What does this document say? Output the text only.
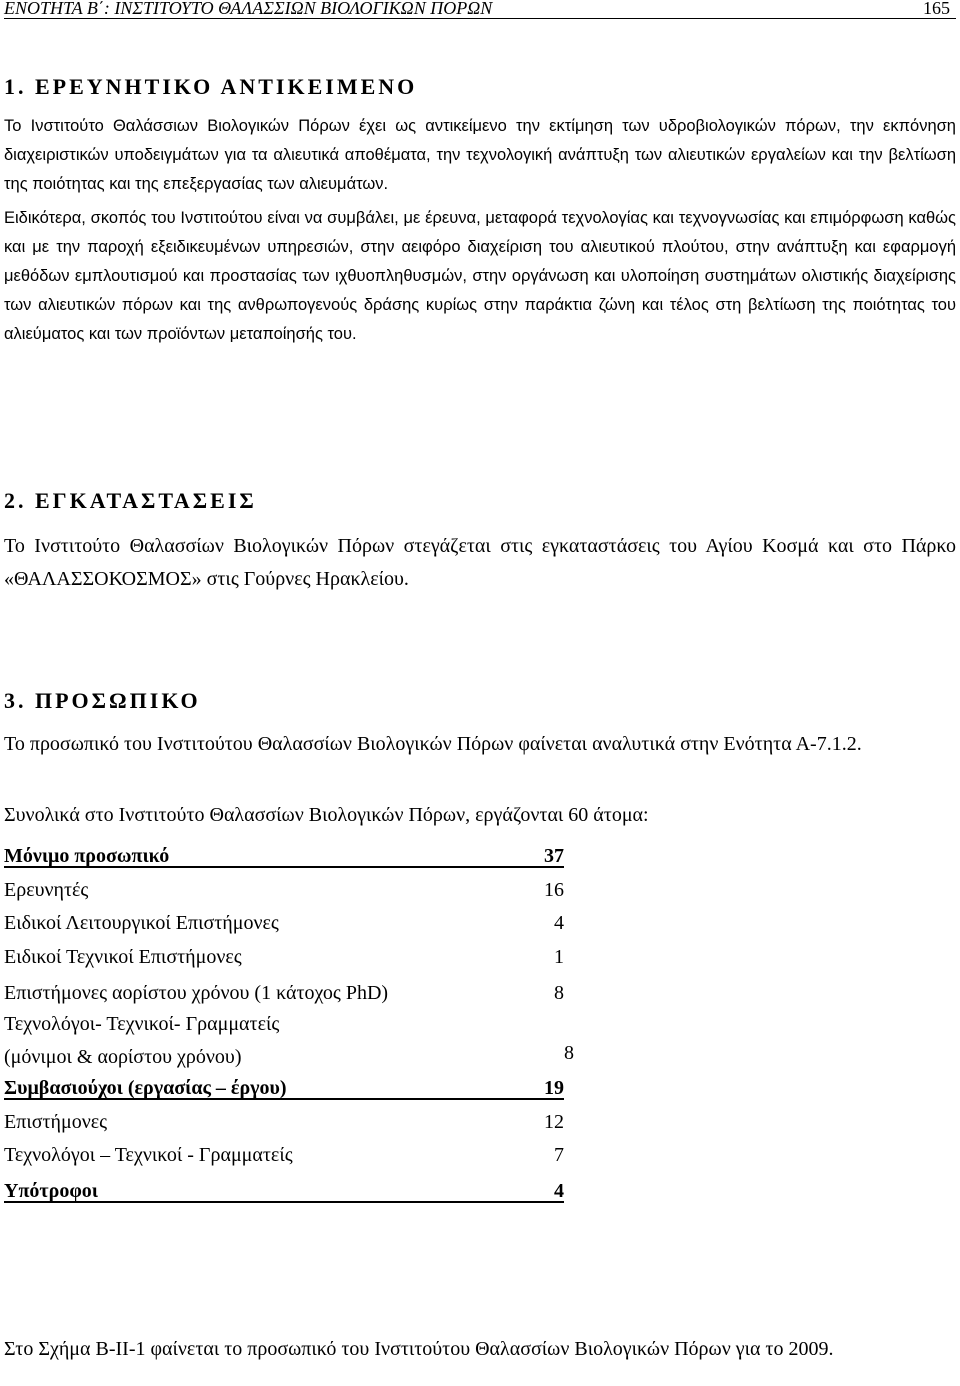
ΕΝΟΤΗΤΑ Β΄: ΙΝΣΤΙΤΟΥΤΟ ΘΑΛΑΣΣΙΩΝ ΒΙΟΛΟΓΙΚΩΝ ΠΟΡΩΝ	165
1. ΕΡΕΥΝΗΤΙΚΟ ΑΝΤΙΚΕΙΜΕΝΟ
Το Ινστιτούτο Θαλάσσιων Βιολογικών Πόρων έχει ως αντικείμενο την εκτίμηση των υδροβιολογικών πόρων, την εκπόνηση διαχειριστικών υποδειγμάτων για τα αλιευτικά αποθέματα, την τεχνολογική ανάπτυξη των αλιευτικών εργαλείων και την βελτίωση της ποιότητας και της επεξεργασίας των αλιευμάτων.
Ειδικότερα, σκοπός του Ινστιτούτου είναι να συμβάλει, με έρευνα, μεταφορά τεχνολογίας και τεχνογνωσίας και επιμόρφωση καθώς και με την παροχή εξειδικευμένων υπηρεσιών, στην αειφόρο διαχείριση του αλιευτικού πλούτου, στην ανάπτυξη και εφαρμογή μεθόδων εμπλουτισμού και προστασίας των ιχθυοπληθυσμών, στην οργάνωση και υλοποίηση συστημάτων ολιστικής διαχείρισης των αλιευτικών πόρων και της ανθρωπογενούς δράσης κυρίως στην παράκτια ζώνη και τέλος στη βελτίωση της ποιότητας του αλιεύματος και των προϊόντων μεταποίησής του.
2. ΕΓΚΑΤΑΣΤΑΣΕΙΣ
Το Ινστιτούτο Θαλασσίων Βιολογικών Πόρων στεγάζεται στις εγκαταστάσεις του Αγίου Κοσμά και στο Πάρκο «ΘΑΛΑΣΣΟΚΟΣΜΟΣ» στις Γούρνες Ηρακλείου.
3. ΠΡΟΣΩΠΙΚΟ
Το προσωπικό του Ινστιτούτου Θαλασσίων Βιολογικών Πόρων φαίνεται αναλυτικά στην Ενότητα Α-7.1.2.
Συνολικά στο Ινστιτούτο Θαλασσίων Βιολογικών Πόρων, εργάζονται 60 άτομα:
Μόνιμο προσωπικό	37
Ερευνητές	16
Ειδικοί Λειτουργικοί Επιστήμονες	4
Ειδικοί Τεχνικοί Επιστήμονες	1
Επιστήμονες αορίστου χρόνου (1 κάτοχος PhD)	8
Τεχνολόγοι- Τεχνικοί- Γραμματείς
(μόνιμοι & αορίστου χρόνου)	8
Συμβασιούχοι (εργασίας – έργου)	19
Επιστήμονες	12
Τεχνολόγοι – Τεχνικοί - Γραμματείς	7
Υπότροφοι	4
Στο Σχήμα Β-ΙΙ-1 φαίνεται το προσωπικό του Ινστιτούτου Θαλασσίων Βιολογικών Πόρων για το 2009.
